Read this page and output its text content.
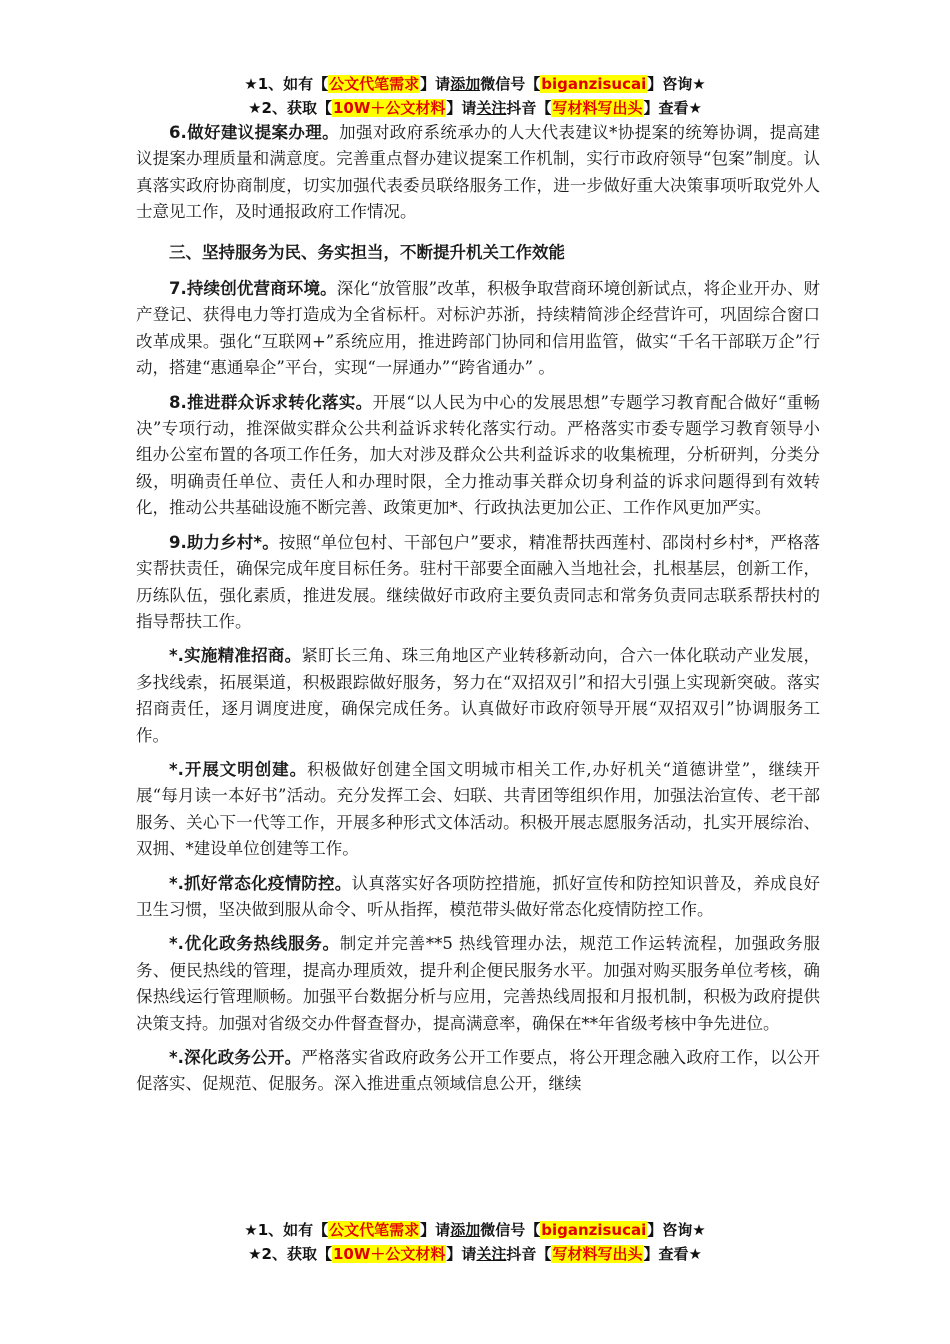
★1、如有【公文代笔需求】请添加微信号【biganzisucai】咨询★
★2、获取【10W＋公文材料】请关注抖音【写材料写出头】查看★

6.做好建议提案办理。加强对政府系统承办的人大代表建议*协提案的统筹协调，提高建议提案办理质量和满意度。完善重点督办建议提案工作机制，实行市政府领导“包案”制度。认真落实政府协商制度，切实加强代表委员联络服务工作，进一步做好重大决策事项听取党外人士意见工作，及时通报政府工作情况。

三、坚持服务为民、务实担当，不断提升机关工作效能

7.持续创优营商环境。深化“放管服”改革，积极争取营商环境创新试点，将企业开办、财产登记、获得电力等打造成为全省标杆。对标沪苏浙，持续精简涉企经营许可，巩固综合窗口改革成果。强化“互联网+”系统应用，推进跨部门协同和信用监管，做实“千名干部联万企”行动，搭建“惠通皋企”平台，实现“一屏通办”“跨省通办” 。

8.推进群众诉求转化落实。开展“以人民为中心的发展思想”专题学习教育配合做好“重畅决”专项行动，推深做实群众公共利益诉求转化落实行动。严格落实市委专题学习教育领导小组办公室布置的各项工作任务，加大对涉及群众公共利益诉求的收集梳理，分析研判，分类分级，明确责任单位、责任人和办理时限，全力推动事关群众切身利益的诉求问题得到有效转化，推动公共基础设施不断完善、政策更加*、行政执法更加公正、工作作风更加严实。

9.助力乡村*。按照“单位包村、干部包户”要求，精准帮扶西莲村、邵岗村乡村*，严格落实帮扶责任，确保完成年度目标任务。驻村干部要全面融入当地社会，扎根基层，创新工作，历练队伍，强化素质，推进发展。继续做好市政府主要负责同志和常务负责同志联系帮扶村的指导帮扶工作。

*.实施精准招商。紧盯长三角、珠三角地区产业转移新动向，合六一体化联动产业发展，多找线索，拓展渠道，积极跟踪做好服务，努力在“双招双引”和招大引强上实现新突破。落实招商责任，逐月调度进度，确保完成任务。认真做好市政府领导开展“双招双引”协调服务工作。

*.开展文明创建。积极做好创建全国文明城市相关工作,办好机关“道德讲堂”，继续开展“每月读一本好书”活动。充分发挥工会、妇联、共青团等组织作用，加强法治宣传、老干部服务、关心下一代等工作，开展多种形式文体活动。积极开展志愿服务活动，扎实开展综治、双拥、*建设单位创建等工作。

*.抓好常态化疫情防控。认真落实好各项防控措施，抓好宣传和防控知识普及，养成良好卫生习惯，坚决做到服从命令、听从指挥，模范带头做好常态化疫情防控工作。

*.优化政务热线服务。制定并完善**5 热线管理办法，规范工作运转流程，加强政务服务、便民热线的管理，提高办理质效，提升利企便民服务水平。加强对购买服务单位考核，确保热线运行管理顺畅。加强平台数据分析与应用，完善热线周报和月报机制，积极为政府提供决策支持。加强对省级交办件督查督办，提高满意率，确保在**年省级考核中争先进位。

*.深化政务公开。严格落实省政府政务公开工作要点，将公开理念融入政府工作，以公开促落实、促规范、促服务。深入推进重点领域信息公开，继续

★1、如有【公文代笔需求】请添加微信号【biganzisucai】咨询★
★2、获取【10W＋公文材料】请关注抖音【写材料写出头】查看★
